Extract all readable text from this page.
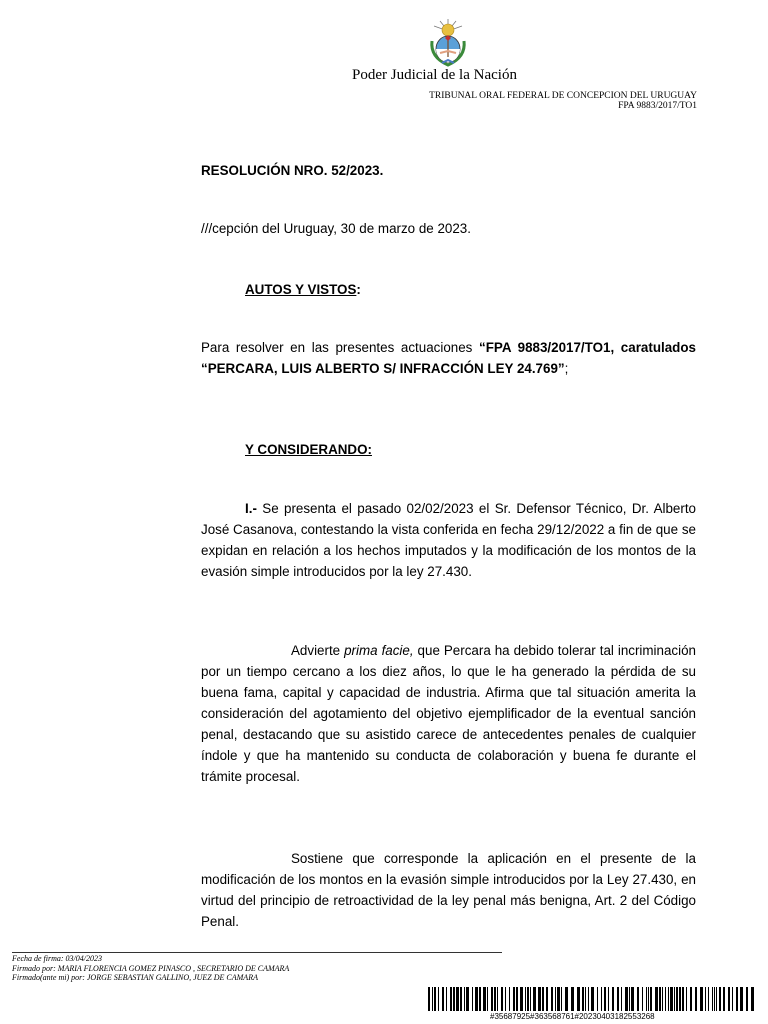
Poder Judicial de la Nación
TRIBUNAL ORAL FEDERAL DE CONCEPCION DEL URUGUAY
FPA 9883/2017/TO1
RESOLUCIÓN NRO. 52/2023.
///cepción del Uruguay, 30 de marzo de 2023.
AUTOS Y VISTOS:
Para resolver en las presentes actuaciones “FPA 9883/2017/TO1, caratulados “PERCARA, LUIS ALBERTO S/ INFRACCIÓN LEY 24.769”;
Y CONSIDERANDO:
I.- Se presenta el pasado 02/02/2023 el Sr. Defensor Técnico, Dr. Alberto José Casanova, contestando la vista conferida en fecha 29/12/2022 a fin de que se expidan en relación a los hechos imputados y la modificación de los montos de la evasión simple introducidos por la ley 27.430.
Advierte prima facie, que Percara ha debido tolerar tal incriminación por un tiempo cercano a los diez años, lo que le ha generado la pérdida de su buena fama, capital y capacidad de industria. Afirma que tal situación amerita la consideración del agotamiento del objetivo ejemplificador de la eventual sanción penal, destacando que su asistido carece de antecedentes penales de cualquier índole y que ha mantenido su conducta de colaboración y buena fe durante el trámite procesal.
Sostiene que corresponde la aplicación en el presente de la modificación de los montos en la evasión simple introducidos por la Ley 27.430, en virtud del principio de retroactividad de la ley penal más benigna, Art. 2 del Código Penal.
Fecha de firma: 03/04/2023
Firmado por: MARIA FLORENCIA GOMEZ PINASCO , SECRETARIO DE CAMARA
Firmado(ante mi) por: JORGE SEBASTIAN GALLINO, JUEZ DE CAMARA
#35687925#363568761#20230403182553268
